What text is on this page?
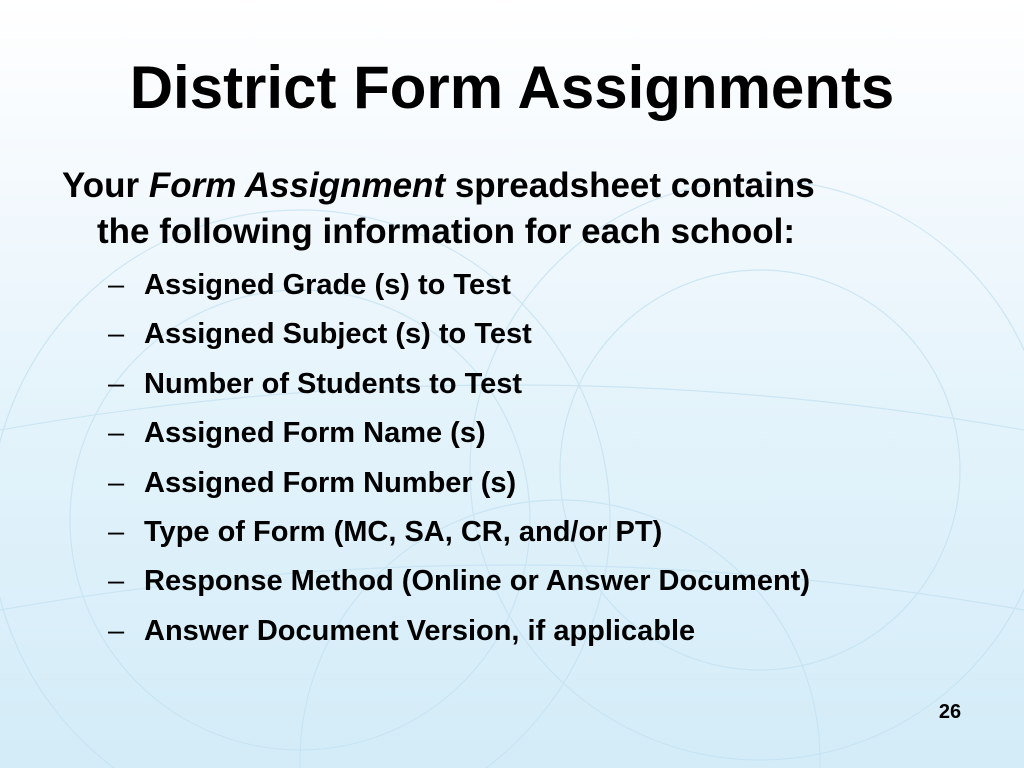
District Form Assignments
Your Form Assignment spreadsheet contains
the following information for each school:
– Assigned Grade (s) to Test
– Assigned Subject (s) to Test
– Number of Students to Test
– Assigned Form Name (s)
– Assigned Form Number (s)
– Type of Form (MC, SA, CR, and/or PT)
– Response Method (Online or Answer Document)
– Answer Document Version, if applicable
26
